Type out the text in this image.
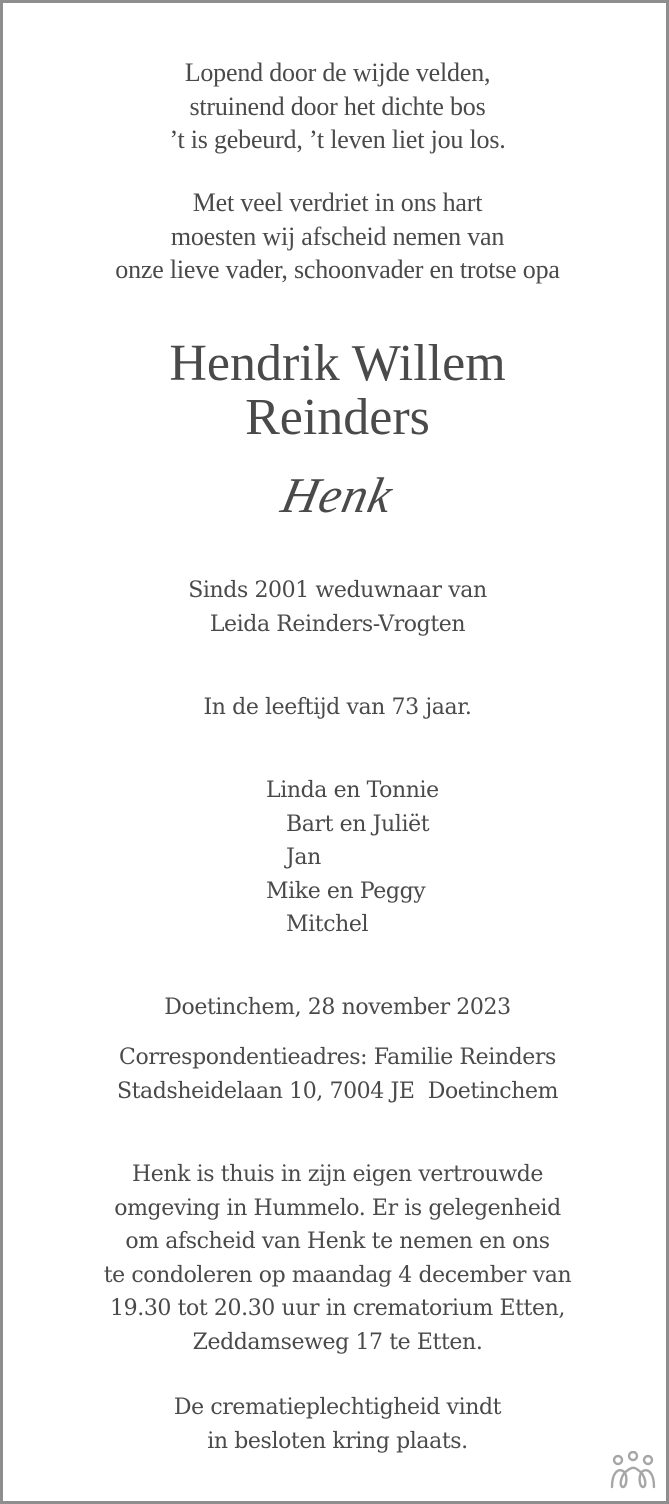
Lopend door de wijde velden,
struinend door het dichte bos
’t is gebeurd, ’t leven liet jou los.
Met veel verdriet in ons hart
moesten wij afscheid nemen van
onze lieve vader, schoonvader en trotse opa
Hendrik Willem
Reinders
Henk
Sinds 2001 weduwnaar van
Leida Reinders-Vrogten
In de leeftijd van 73 jaar.
Linda en Tonnie
Bart en Juliët
Jan
Mike en Peggy
Mitchel
Doetinchem, 28 november 2023
Correspondentieadres: Familie Reinders
Stadsheidelaan 10, 7004 JE  Doetinchem
Henk is thuis in zijn eigen vertrouwde
omgeving in Hummelo. Er is gelegenheid
om afscheid van Henk te nemen en ons
te condoleren op maandag 4 december van
19.30 tot 20.30 uur in crematorium Etten,
Zeddamseweg 17 te Etten.
De crematieplechtigheid vindt
in besloten kring plaats.
